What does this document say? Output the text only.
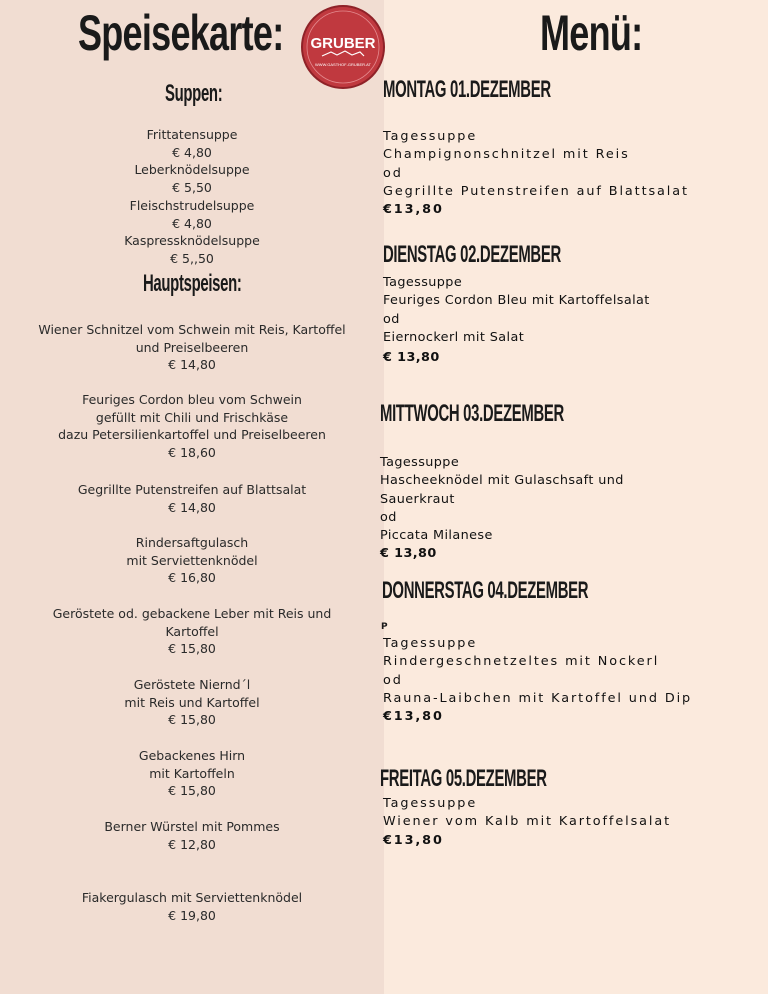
Speisekarte:	Menü:
GRUBER
WWW.GASTHOF-GRUBER.AT
Suppen:
Frittatensuppe
€ 4,80
Leberknödelsuppe
€ 5,50
Fleischstrudelsuppe
€ 4,80
Kaspressknödelsuppe
€ 5,,50
Hauptspeisen:
Wiener Schnitzel vom Schwein mit Reis, Kartoffel
und Preiselbeeren
€ 14,80
Feuriges Cordon bleu vom Schwein
gefüllt mit Chili und Frischkäse
dazu Petersilienkartoffel und Preiselbeeren
€ 18,60
Gegrillte Putenstreifen auf Blattsalat
€ 14,80
Rindersaftgulasch
mit Serviettenknödel
€ 16,80
Geröstete od. gebackene Leber mit Reis und
Kartoffel
€ 15,80
Geröstete Niernd´l
mit Reis und Kartoffel
€ 15,80
Gebackenes Hirn
mit Kartoffeln
€ 15,80
Berner Würstel mit Pommes
€ 12,80
Fiakergulasch mit Serviettenknödel
€ 19,80
MONTAG 01.DEZEMBER
Tagessuppe
Champignonschnitzel mit Reis
od
Gegrillte Putenstreifen auf Blattsalat
€13,80
DIENSTAG 02.DEZEMBER
Tagessuppe
Feuriges Cordon Bleu mit Kartoffelsalat
od
Eiernockerl mit Salat
€ 13,80
MITTWOCH 03.DEZEMBER
Tagessuppe
Hascheeknödel mit Gulaschsaft und
Sauerkraut
od
Piccata Milanese
€ 13,80
DONNERSTAG 04.DEZEMBER
P
Tagessuppe
Rindergeschnetzeltes mit Nockerl
od
Rauna-Laibchen mit Kartoffel und Dip
€13,80
FREITAG 05.DEZEMBER
Tagessuppe
Wiener vom Kalb mit Kartoffelsalat
€13,80
